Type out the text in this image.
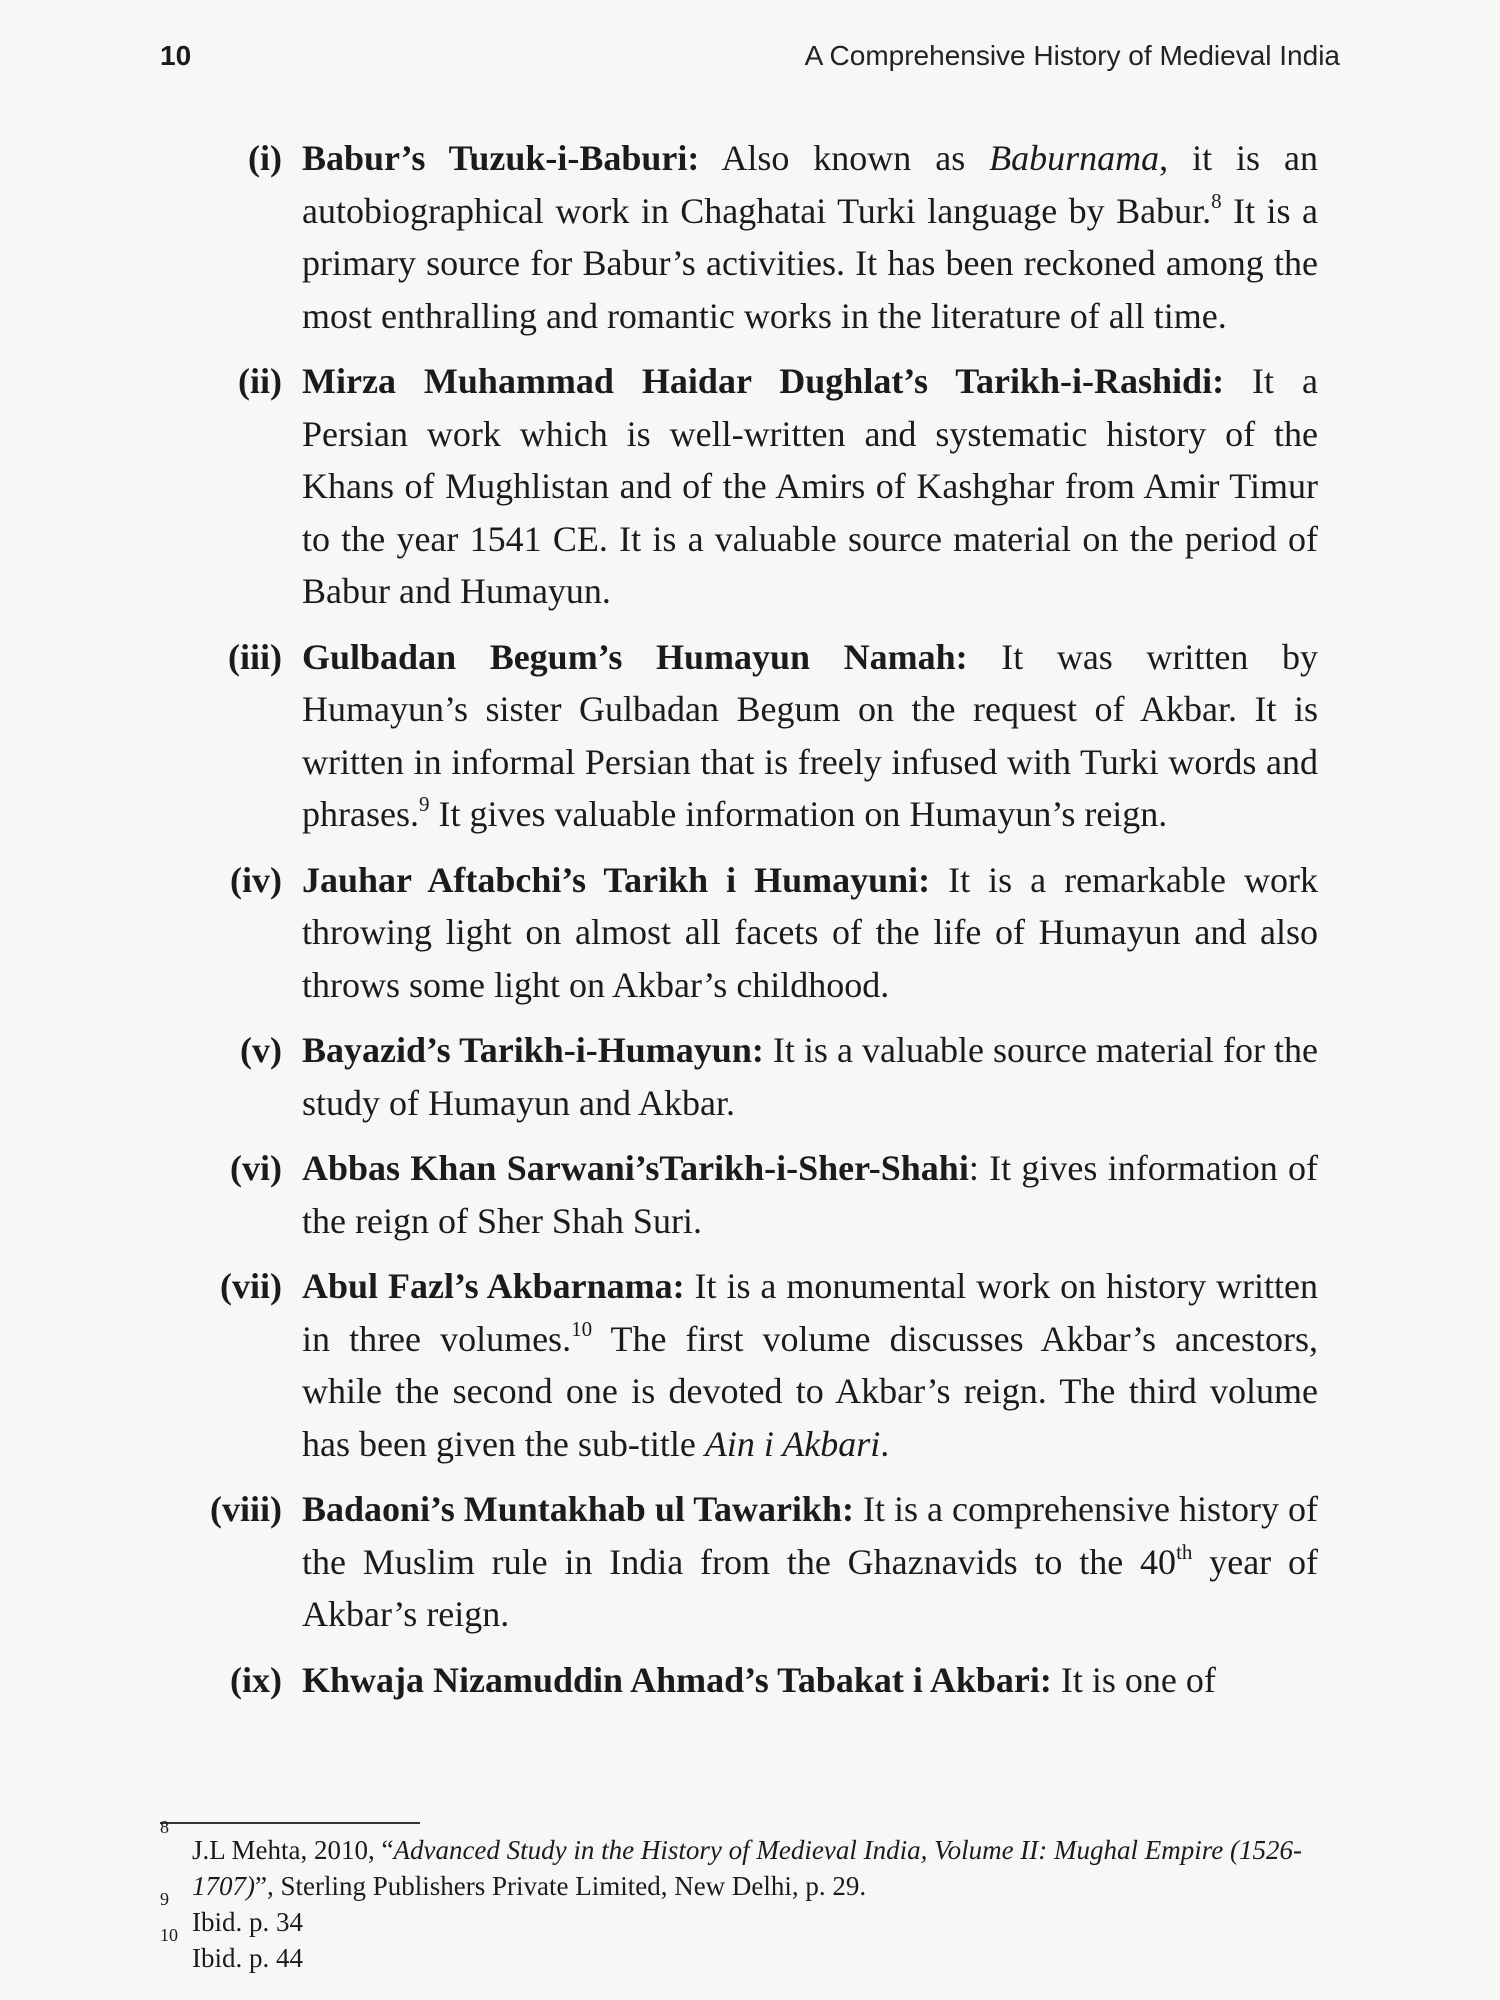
10	A Comprehensive History of Medieval India
(i) Babur’s Tuzuk-i-Baburi: Also known as Baburnama, it is an autobiographical work in Chaghatai Turki language by Babur.$^8$ It is a primary source for Babur’s activities. It has been reckoned among the most enthralling and romantic works in the literature of all time.
(ii) Mirza Muhammad Haidar Dughlat’s Tarikh-i-Rashidi: It a Persian work which is well-written and systematic history of the Khans of Mughlistan and of the Amirs of Kashghar from Amir Timur to the year 1541 CE. It is a valuable source material on the period of Babur and Humayun.
(iii) Gulbadan Begum’s Humayun Namah: It was written by Humayun’s sister Gulbadan Begum on the request of Akbar. It is written in informal Persian that is freely infused with Turki words and phrases.$^9$ It gives valuable information on Humayun’s reign.
(iv) Jauhar Aftabchi’s Tarikh i Humayuni: It is a remarkable work throwing light on almost all facets of the life of Humayun and also throws some light on Akbar’s childhood.
(v) Bayazid’s Tarikh-i-Humayun: It is a valuable source material for the study of Humayun and Akbar.
(vi) Abbas Khan Sarwani’sTarikh-i-Sher-Shahi: It gives information of the reign of Sher Shah Suri.
(vii) Abul Fazl’s Akbarnama: It is a monumental work on history written in three volumes.$^{10}$ The first volume discusses Akbar’s ancestors, while the second one is devoted to Akbar’s reign. The third volume has been given the sub-title Ain i Akbari.
(viii) Badaoni’s Muntakhab ul Tawarikh: It is a comprehensive history of the Muslim rule in India from the Ghaznavids to the 40th year of Akbar’s reign.
(ix) Khwaja Nizamuddin Ahmad’s Tabakat i Akbari: It is one of
8
J.L Mehta, 2010, “Advanced Study in the History of Medieval India, Volume II: Mughal Empire (1526-1707)”, Sterling Publishers Private Limited, New Delhi, p. 29.
9
Ibid. p. 34
10
Ibid. p. 44
